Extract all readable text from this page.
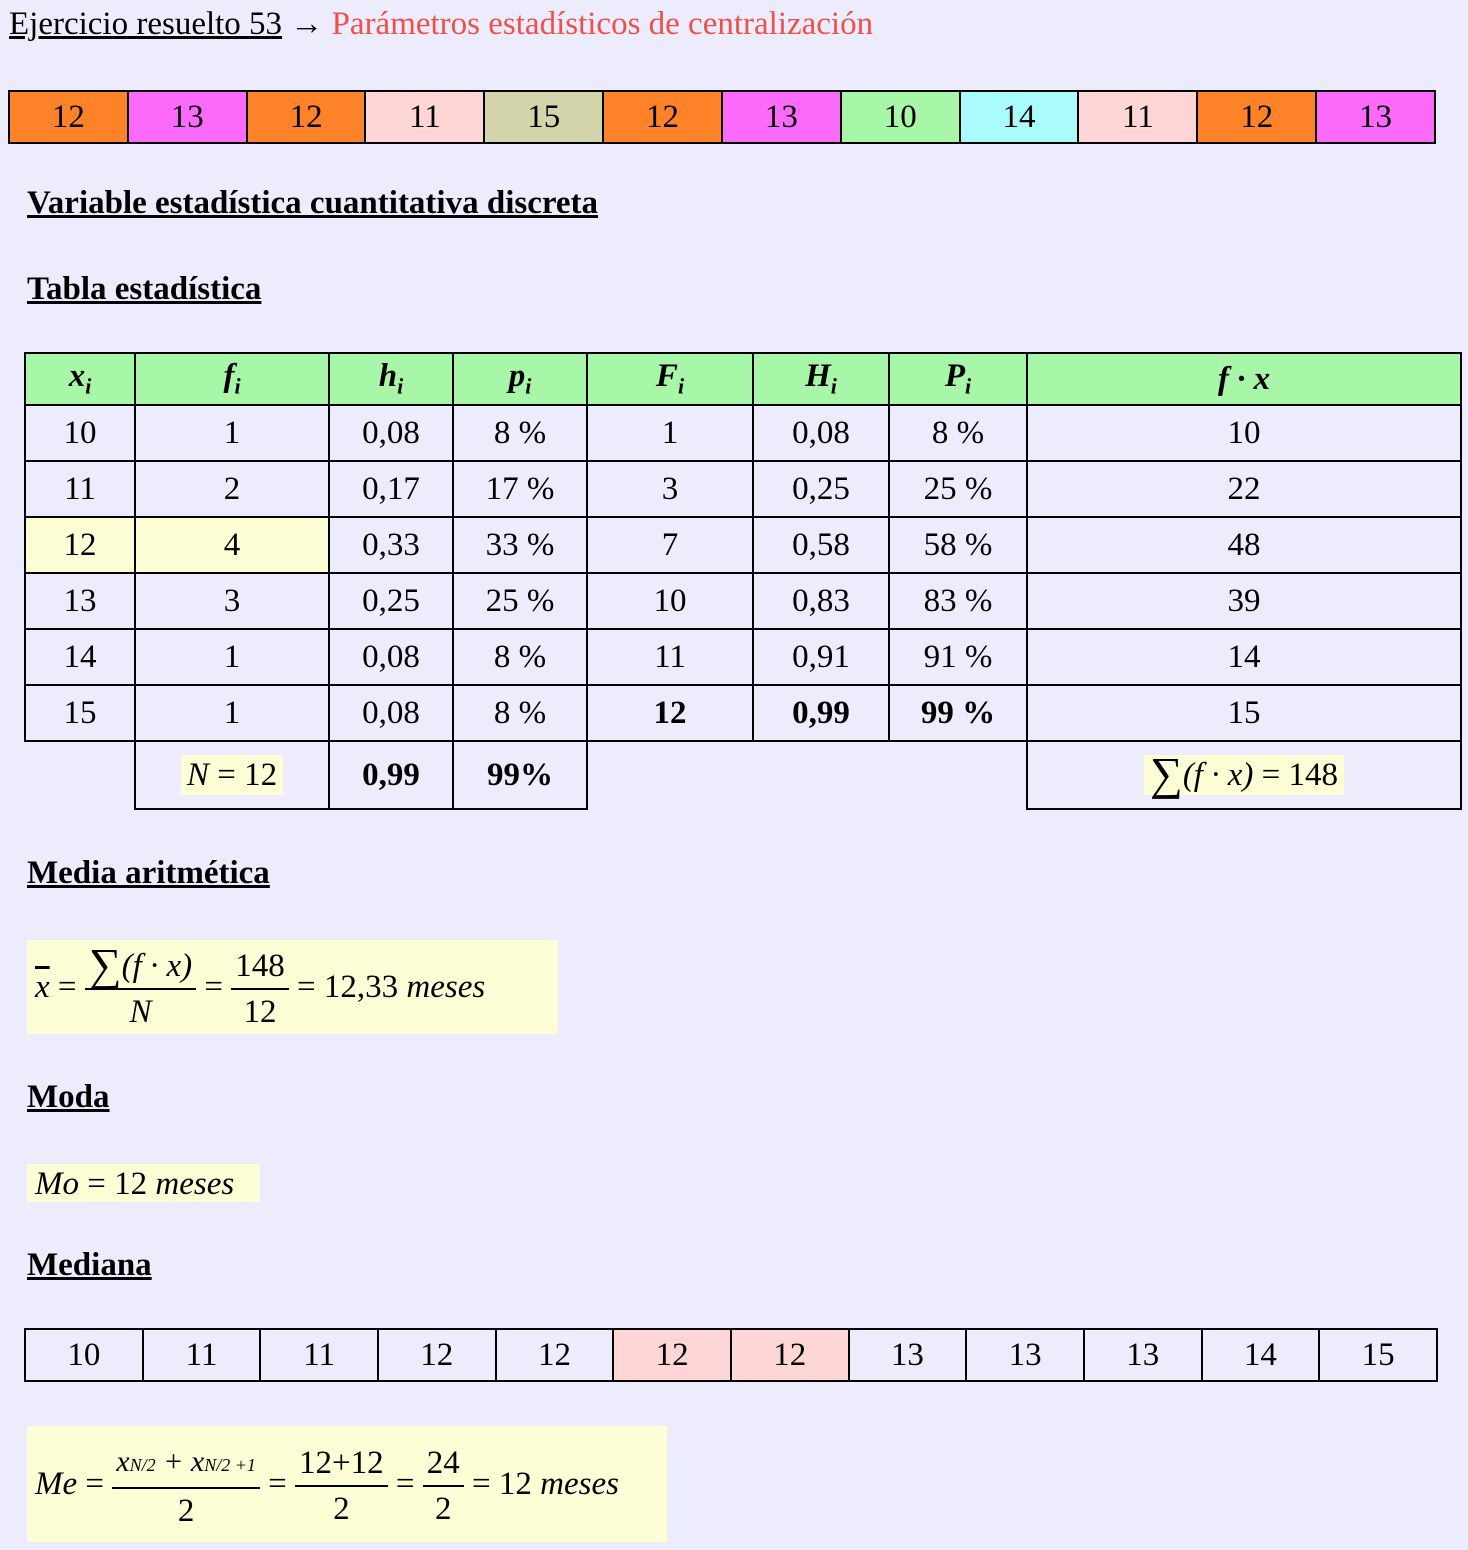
Ejercicio resuelto 53 → Parámetros estadísticos de centralización
12	13	12	11	15	12	13	10	14	11	12	13
Variable estadística cuantitativa discreta
Tabla estadística
$x_i$	$f_i$	$h_i$	$p_i$	$F_i$	$H_i$	$P_i$	f · x
10	1	0,08	8 %	1	0,08	8 %	10
11	2	0,17	17 %	3	0,25	25 %	22
12	4	0,33	33 %	7	0,58	58 %	48
13	3	0,25	25 %	10	0,83	83 %	39
14	1	0,08	8 %	11	0,91	91 %	14
15	1	0,08	8 %	12	0,99	99 %	15
	N = 12	0,99	99%				∑(f · x) = 148
Media aritmética
$\overline{x} = \frac{\sum(f \cdot x)}{N} = \frac{148}{12} = 12,33$ meses
Moda
Mo = 12 meses
Mediana
10	11	11	12	12	12	12	13	13	13	14	15
$Me = \frac{xN/2 + xN/2 +1}{2} = \frac{12+12}{2} = \frac{24}{2} = 12$ meses
